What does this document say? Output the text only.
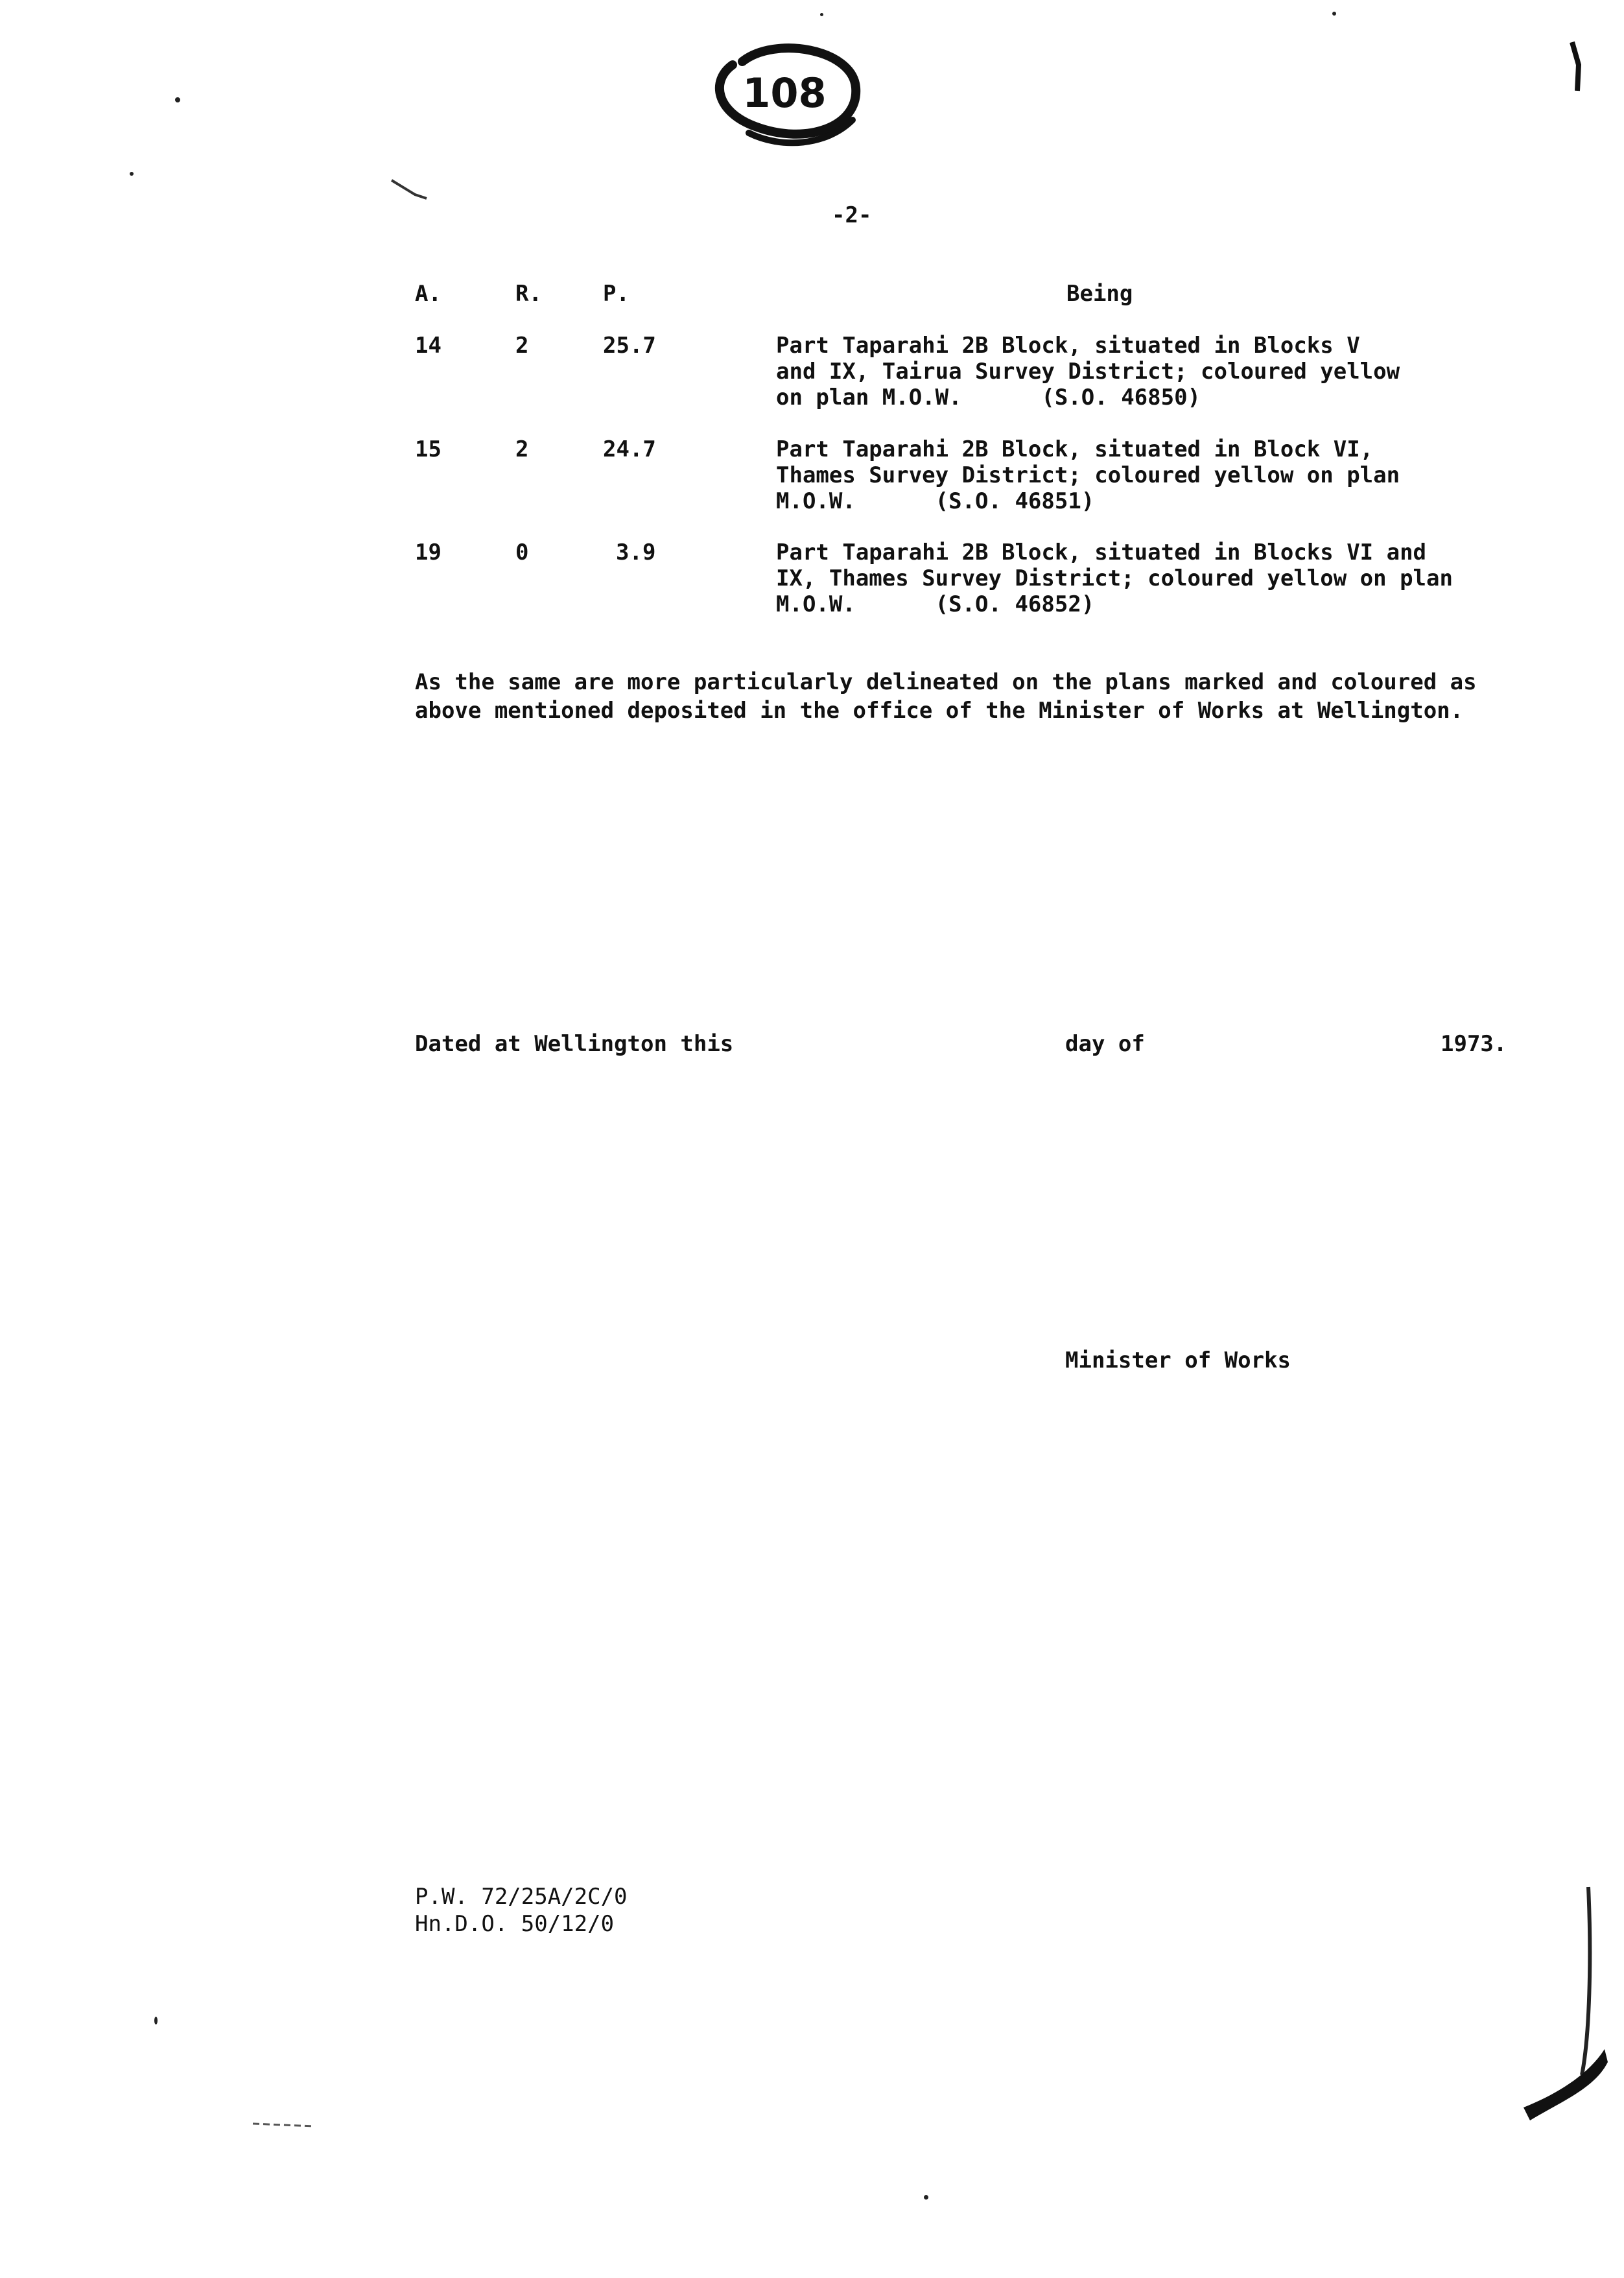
108
-2-
A.	R.	P.	Being
14	2	25.7	Part Taparahi 2B Block, situated in Blocks V
and IX, Tairua Survey District; coloured yellow
on plan M.O.W.      (S.O. 46850)
15	2	24.7	Part Taparahi 2B Block, situated in Block VI,
Thames Survey District; coloured yellow on plan
M.O.W.      (S.O. 46851)
19	0	3.9	Part Taparahi 2B Block, situated in Blocks VI and
IX, Thames Survey District; coloured yellow on plan
M.O.W.      (S.O. 46852)
As the same are more particularly delineated on the plans marked and coloured as above mentioned deposited in the office of the Minister of Works at Wellington.
Dated at Wellington this	day of	1973.
Minister of Works
P.W. 72/25A/2C/0
Hn.D.O. 50/12/0
